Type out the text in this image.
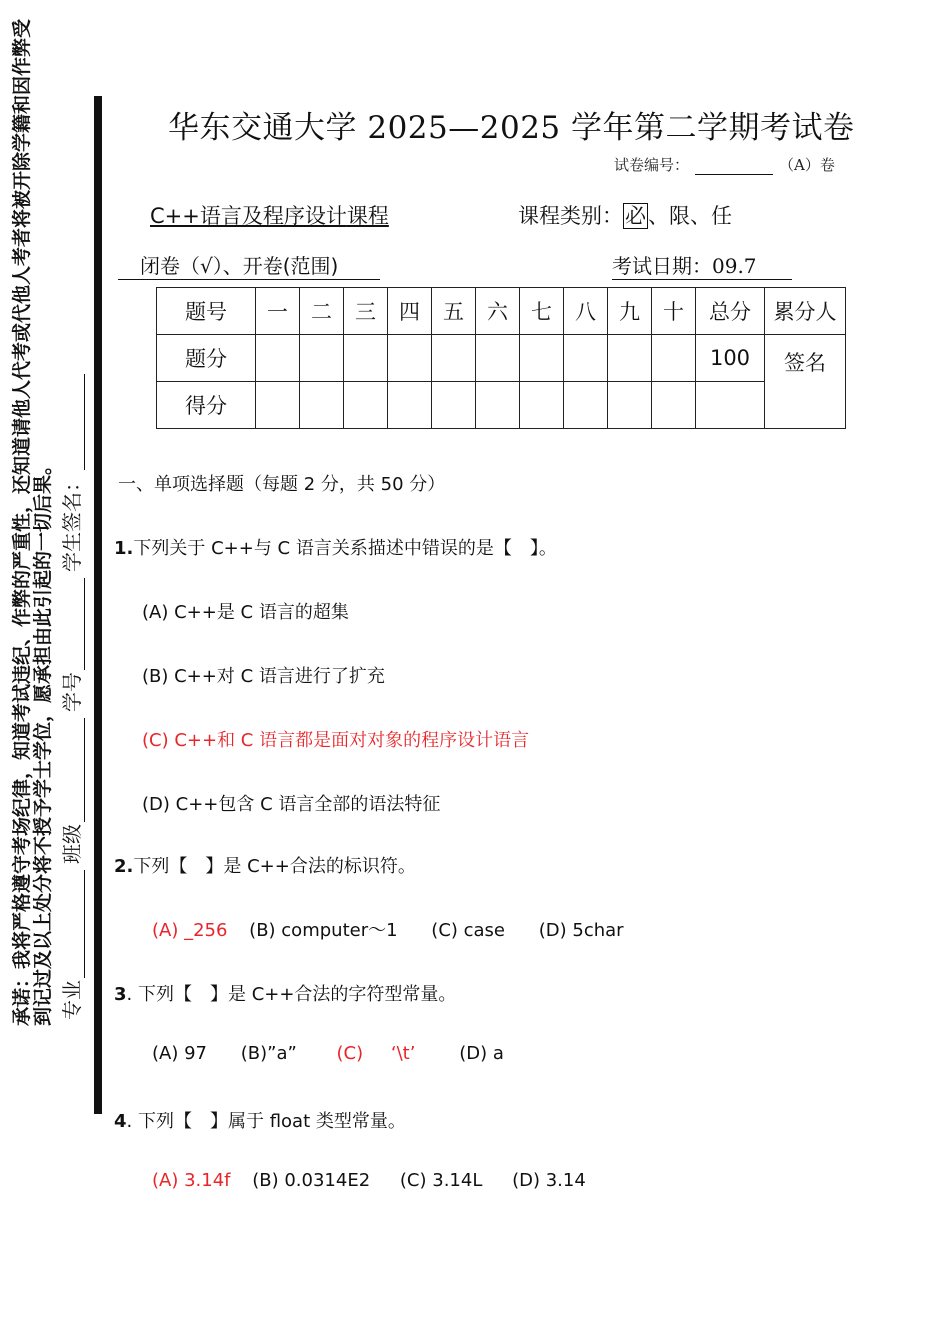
承诺：我将严格遵守考场纪律，知道考试违纪、作弊的严重性，还知道请他人代考或代他人考者将被开除学籍和因作弊受 到记过及以上处分将不授予学士学位，愿承担由此引起的一切后果。 专业
班级
学号
学生签名：
华东交通大学 2025—2025 学年第二学期考试卷
试卷编号：	（A）卷
C++语言及程序设计课程	课程类别：必、限、任
闭卷（√）、开卷(范围)	考试日期：09.7
题号	一	二	三	四	五	六	七	八	九	十	总分	累分人
题分											100	签名
得分												
一、单项选择题（每题 2 分，共 50 分）
1.下列关于 C++与 C 语言关系描述中错误的是【　】。
(A) C++是 C 语言的超集
(B) C++对 C 语言进行了扩充
(C) C++和 C 语言都是面对对象的程序设计语言
(D) C++包含 C 语言全部的语法特征
2.下列【　】是 C++合法的标识符。
(A) _256 (B) computer～1 (C) case (D) 5char
3. 下列【　】是 C++合法的字符型常量。
(A) 97 (B)”a” (C) ‘\t’ (D) a
4. 下列【　】属于 float 类型常量。
(A) 3.14f (B) 0.0314E2 (C) 3.14L (D) 3.14
